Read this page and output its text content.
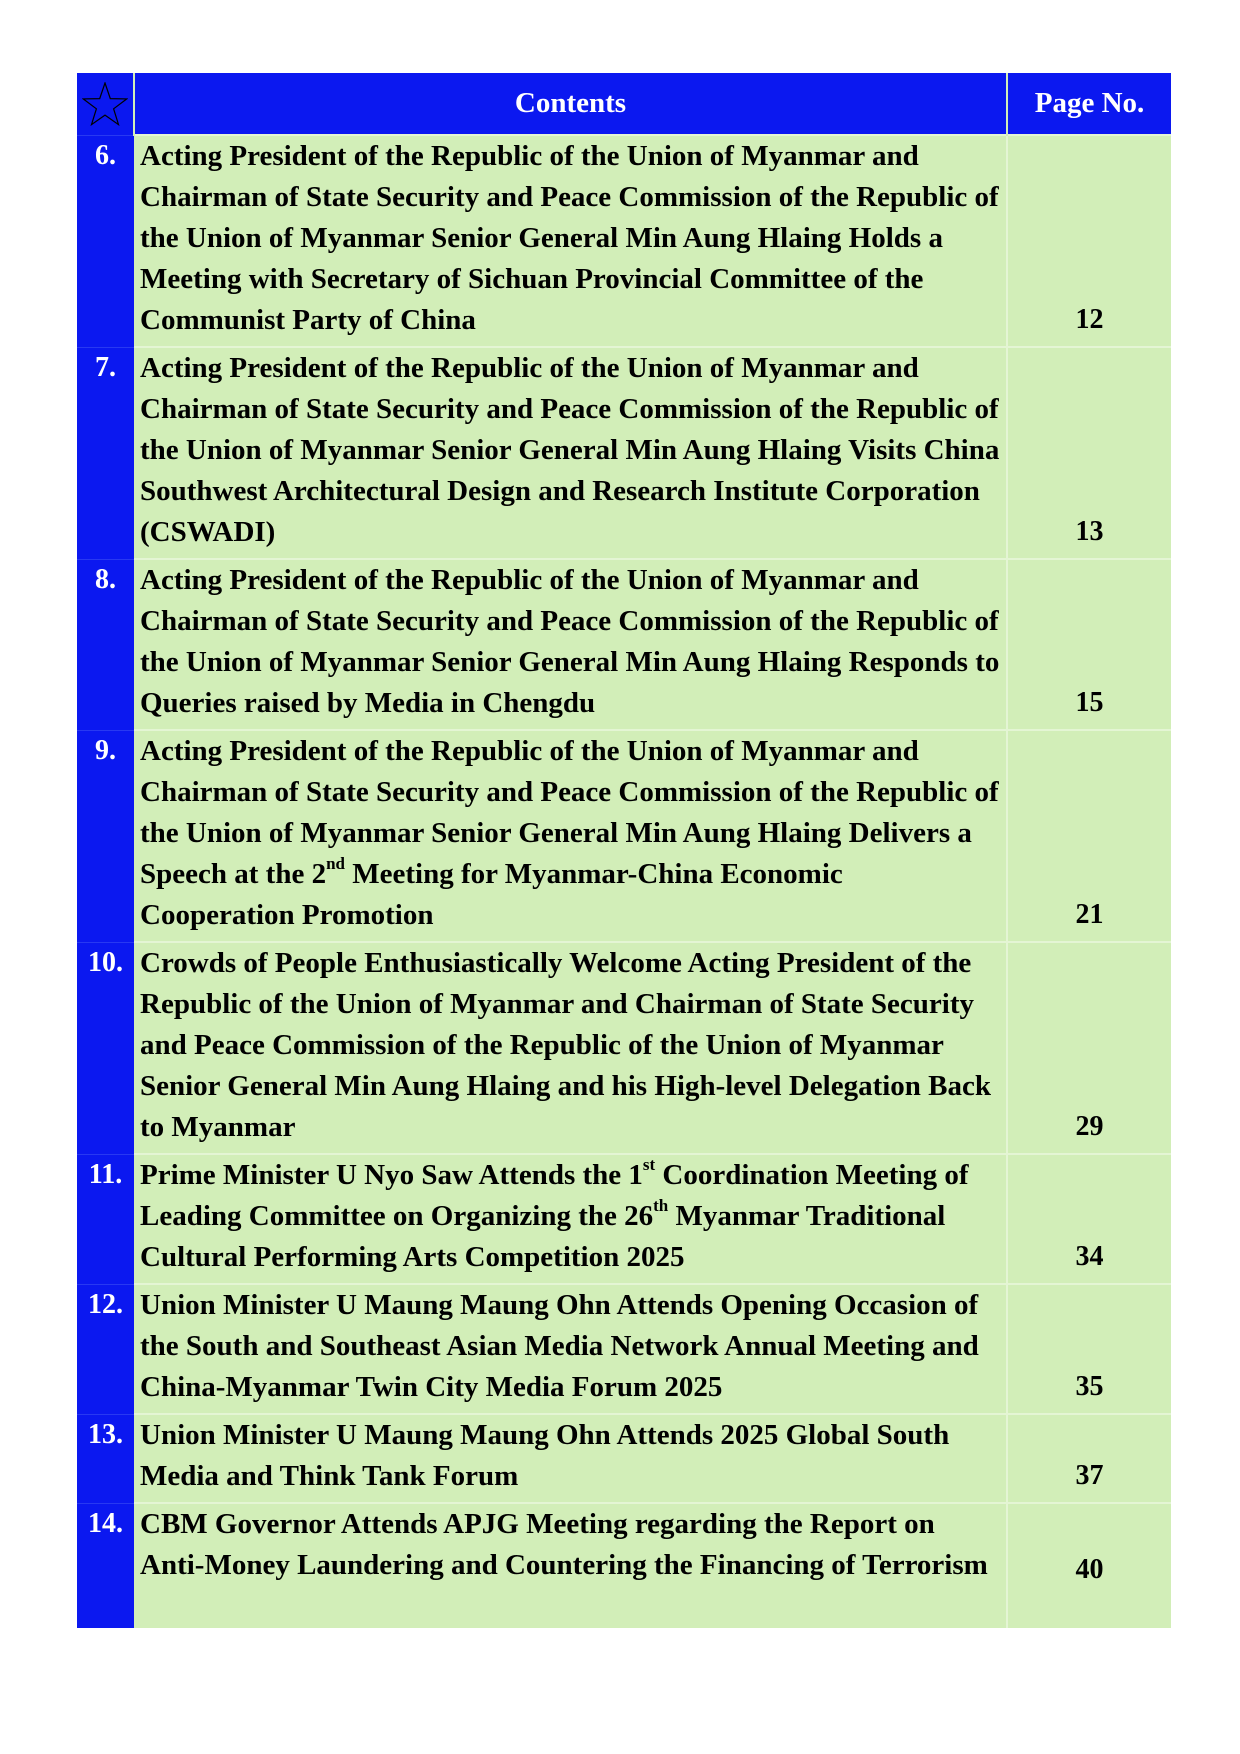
	Contents	Page No.
6.	Acting President of the Republic of the Union of Myanmar and Chairman of State Security and Peace Commission of the Republic of the Union of Myanmar Senior General Min Aung Hlaing Holds a Meeting with Secretary of Sichuan Provincial Committee of the Communist Party of China	12
7.	Acting President of the Republic of the Union of Myanmar and Chairman of State Security and Peace Commission of the Republic of the Union of Myanmar Senior General Min Aung Hlaing Visits China Southwest Architectural Design and Research Institute Corporation (CSWADI)	13
8.	Acting President of the Republic of the Union of Myanmar and Chairman of State Security and Peace Commission of the Republic of the Union of Myanmar Senior General Min Aung Hlaing Responds to Queries raised by Media in Chengdu	15
9.	Acting President of the Republic of the Union of Myanmar and Chairman of State Security and Peace Commission of the Republic of the Union of Myanmar Senior General Min Aung Hlaing Delivers a Speech at the 2nd Meeting for Myanmar-China Economic Cooperation Promotion	21
10.	Crowds of People Enthusiastically Welcome Acting President of the Republic of the Union of Myanmar and Chairman of State Security and Peace Commission of the Republic of the Union of Myanmar Senior General Min Aung Hlaing and his High-level Delegation Back to Myanmar	29
11.	Prime Minister U Nyo Saw Attends the 1st Coordination Meeting of Leading Committee on Organizing the 26th Myanmar Traditional Cultural Performing Arts Competition 2025	34
12.	Union Minister U Maung Maung Ohn Attends Opening Occasion of the South and Southeast Asian Media Network Annual Meeting and China-Myanmar Twin City Media Forum 2025	35
13.	Union Minister U Maung Maung Ohn Attends 2025 Global South Media and Think Tank Forum	37
14.	CBM Governor Attends APJG Meeting regarding the Report on Anti-Money Laundering and Countering the Financing of Terrorism	40
